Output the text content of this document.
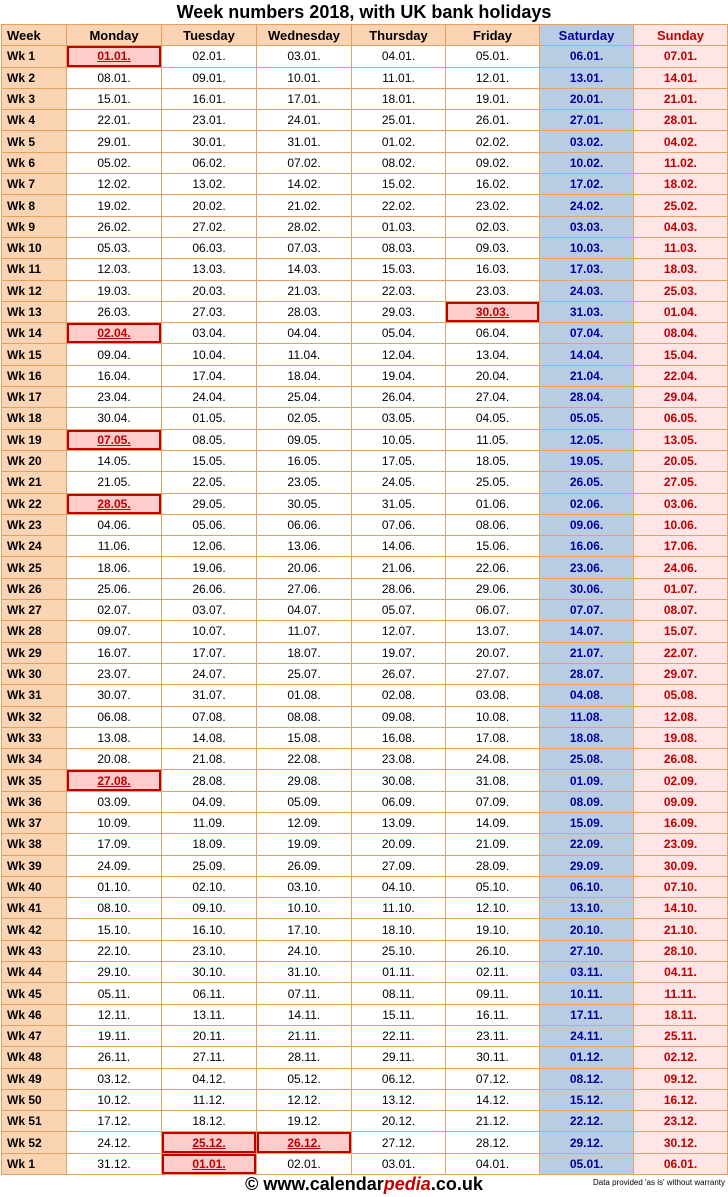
Week numbers 2018, with UK bank holidays
Week	Monday	Tuesday	Wednesday	Thursday	Friday	Saturday	Sunday
Wk 1	01.01.	02.01.	03.01.	04.01.	05.01.	06.01.	07.01.
Wk 2	08.01.	09.01.	10.01.	11.01.	12.01.	13.01.	14.01.
Wk 3	15.01.	16.01.	17.01.	18.01.	19.01.	20.01.	21.01.
Wk 4	22.01.	23.01.	24.01.	25.01.	26.01.	27.01.	28.01.
Wk 5	29.01.	30.01.	31.01.	01.02.	02.02.	03.02.	04.02.
Wk 6	05.02.	06.02.	07.02.	08.02.	09.02.	10.02.	11.02.
Wk 7	12.02.	13.02.	14.02.	15.02.	16.02.	17.02.	18.02.
Wk 8	19.02.	20.02.	21.02.	22.02.	23.02.	24.02.	25.02.
Wk 9	26.02.	27.02.	28.02.	01.03.	02.03.	03.03.	04.03.
Wk 10	05.03.	06.03.	07.03.	08.03.	09.03.	10.03.	11.03.
Wk 11	12.03.	13.03.	14.03.	15.03.	16.03.	17.03.	18.03.
Wk 12	19.03.	20.03.	21.03.	22.03.	23.03.	24.03.	25.03.
Wk 13	26.03.	27.03.	28.03.	29.03.	30.03.	31.03.	01.04.
Wk 14	02.04.	03.04.	04.04.	05.04.	06.04.	07.04.	08.04.
Wk 15	09.04.	10.04.	11.04.	12.04.	13.04.	14.04.	15.04.
Wk 16	16.04.	17.04.	18.04.	19.04.	20.04.	21.04.	22.04.
Wk 17	23.04.	24.04.	25.04.	26.04.	27.04.	28.04.	29.04.
Wk 18	30.04.	01.05.	02.05.	03.05.	04.05.	05.05.	06.05.
Wk 19	07.05.	08.05.	09.05.	10.05.	11.05.	12.05.	13.05.
Wk 20	14.05.	15.05.	16.05.	17.05.	18.05.	19.05.	20.05.
Wk 21	21.05.	22.05.	23.05.	24.05.	25.05.	26.05.	27.05.
Wk 22	28.05.	29.05.	30.05.	31.05.	01.06.	02.06.	03.06.
Wk 23	04.06.	05.06.	06.06.	07.06.	08.06.	09.06.	10.06.
Wk 24	11.06.	12.06.	13.06.	14.06.	15.06.	16.06.	17.06.
Wk 25	18.06.	19.06.	20.06.	21.06.	22.06.	23.06.	24.06.
Wk 26	25.06.	26.06.	27.06.	28.06.	29.06.	30.06.	01.07.
Wk 27	02.07.	03.07.	04.07.	05.07.	06.07.	07.07.	08.07.
Wk 28	09.07.	10.07.	11.07.	12.07.	13.07.	14.07.	15.07.
Wk 29	16.07.	17.07.	18.07.	19.07.	20.07.	21.07.	22.07.
Wk 30	23.07.	24.07.	25.07.	26.07.	27.07.	28.07.	29.07.
Wk 31	30.07.	31.07.	01.08.	02.08.	03.08.	04.08.	05.08.
Wk 32	06.08.	07.08.	08.08.	09.08.	10.08.	11.08.	12.08.
Wk 33	13.08.	14.08.	15.08.	16.08.	17.08.	18.08.	19.08.
Wk 34	20.08.	21.08.	22.08.	23.08.	24.08.	25.08.	26.08.
Wk 35	27.08.	28.08.	29.08.	30.08.	31.08.	01.09.	02.09.
Wk 36	03.09.	04.09.	05.09.	06.09.	07.09.	08.09.	09.09.
Wk 37	10.09.	11.09.	12.09.	13.09.	14.09.	15.09.	16.09.
Wk 38	17.09.	18.09.	19.09.	20.09.	21.09.	22.09.	23.09.
Wk 39	24.09.	25.09.	26.09.	27.09.	28.09.	29.09.	30.09.
Wk 40	01.10.	02.10.	03.10.	04.10.	05.10.	06.10.	07.10.
Wk 41	08.10.	09.10.	10.10.	11.10.	12.10.	13.10.	14.10.
Wk 42	15.10.	16.10.	17.10.	18.10.	19.10.	20.10.	21.10.
Wk 43	22.10.	23.10.	24.10.	25.10.	26.10.	27.10.	28.10.
Wk 44	29.10.	30.10.	31.10.	01.11.	02.11.	03.11.	04.11.
Wk 45	05.11.	06.11.	07.11.	08.11.	09.11.	10.11.	11.11.
Wk 46	12.11.	13.11.	14.11.	15.11.	16.11.	17.11.	18.11.
Wk 47	19.11.	20.11.	21.11.	22.11.	23.11.	24.11.	25.11.
Wk 48	26.11.	27.11.	28.11.	29.11.	30.11.	01.12.	02.12.
Wk 49	03.12.	04.12.	05.12.	06.12.	07.12.	08.12.	09.12.
Wk 50	10.12.	11.12.	12.12.	13.12.	14.12.	15.12.	16.12.
Wk 51	17.12.	18.12.	19.12.	20.12.	21.12.	22.12.	23.12.
Wk 52	24.12.	25.12.	26.12.	27.12.	28.12.	29.12.	30.12.
Wk 1	31.12.	01.01.	02.01.	03.01.	04.01.	05.01.	06.01.
© www.calendarpedia.co.uk	Data provided 'as is' without warranty
